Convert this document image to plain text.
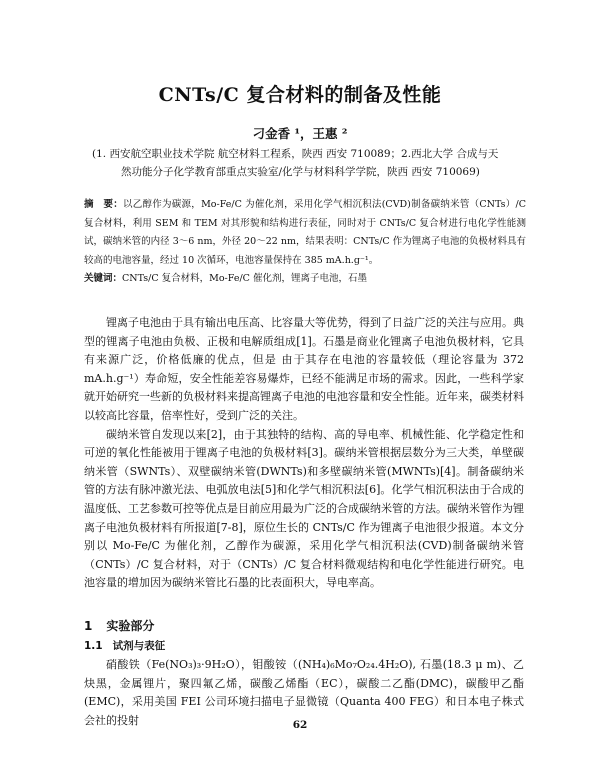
CNTs/C 复合材料的制备及性能
刁金香 ¹，王惠 ²
(1. 西安航空职业技术学院 航空材料工程系，陕西 西安 710089；2.西北大学 合成与天
然功能分子化学教育部重点实验室/化学与材料科学学院，陕西 西安 710069)
摘　要：以乙醇作为碳源，Mo-Fe/C 为催化剂，采用化学气相沉积法(CVD)制备碳纳米管（CNTs）/C 复合材料，利用 SEM 和 TEM 对其形貌和结构进行表征，同时对于 CNTs/C 复合材进行电化学性能测试，碳纳米管的内径 3～6 nm，外径 20～22 nm，结果表明：CNTs/C 作为锂离子电池的负极材料具有较高的电池容量，经过 10 次循环，电池容量保持在 385 mA.h.g⁻¹。
关键词：CNTs/C 复合材料，Mo-Fe/C 催化剂，锂离子电池，石墨

锂离子电池由于具有输出电压高、比容量大等优势，得到了日益广泛的关注与应用。典型的锂离子电池由负极、正极和电解质组成[1]。石墨是商业化锂离子电池负极材料，它具有来源广泛，价格低廉的优点，但是 由于其存在电池的容量较低（理论容量为 372 mA.h.g⁻¹）寿命短，安全性能差容易爆炸，已经不能满足市场的需求。因此，一些科学家就开始研究一些新的负极材料来提高锂离子电池的电池容量和安全性能。近年来，碳类材料以较高比容量，倍率性好，受到广泛的关注。

碳纳米管自发现以来[2]，由于其独特的结构、高的导电率、机械性能、化学稳定性和可逆的氧化性能被用于锂离子电池的负极材料[3]。碳纳米管根据层数分为三大类，单壁碳纳米管（SWNTs）、双壁碳纳米管(DWNTs)和多壁碳纳米管(MWNTs)[4]。制备碳纳米管的方法有脉冲激光法、电弧放电法[5]和化学气相沉积法[6]。化学气相沉积法由于合成的温度低、工艺参数可控等优点是目前应用最为广泛的合成碳纳米管的方法。碳纳米管作为锂离子电池负极材料有所报道[7-8]，原位生长的 CNTs/C 作为锂离子电池很少报道。本文分别以 Mo-Fe/C 为催化剂，乙醇作为碳源，采用化学气相沉积法(CVD)制备碳纳米管（CNTs）/C 复合材料，对于（CNTs）/C 复合材料微观结构和电化学性能进行研究。电池容量的增加因为碳纳米管比石墨的比表面积大，导电率高。

1 实验部分
1.1 试剂与表征

硝酸铁（Fe(NO₃)₃·9H₂O），钼酸铵（(NH₄)₆Mo₇O₂₄.4H₂O), 石墨(18.3 μ m)、乙炔黑，金属锂片，聚四氟乙烯，碳酸乙烯酯（EC），碳酸二乙酯(DMC)，碳酸甲乙酯(EMC)，采用美国 FEI 公司环境扫描电子显微镜（Quanta 400 FEG）和日本电子株式会社的投射	62
